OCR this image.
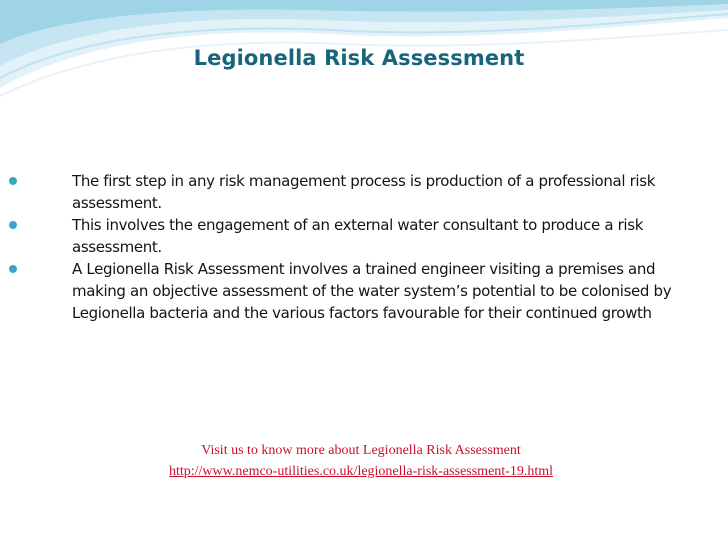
Legionella Risk Assessment
The first step in any risk management process is production of a professional risk assessment.
This involves the engagement of an external water consultant to produce a risk assessment.
A Legionella Risk Assessment involves a trained engineer visiting a premises and making an objective assessment of the water system’s potential to be colonised by Legionella bacteria and the various factors favourable for their continued growth
Visit us to know more about Legionella Risk Assessment
http://www.nemco-utilities.co.uk/legionella-risk-assessment-19.html
